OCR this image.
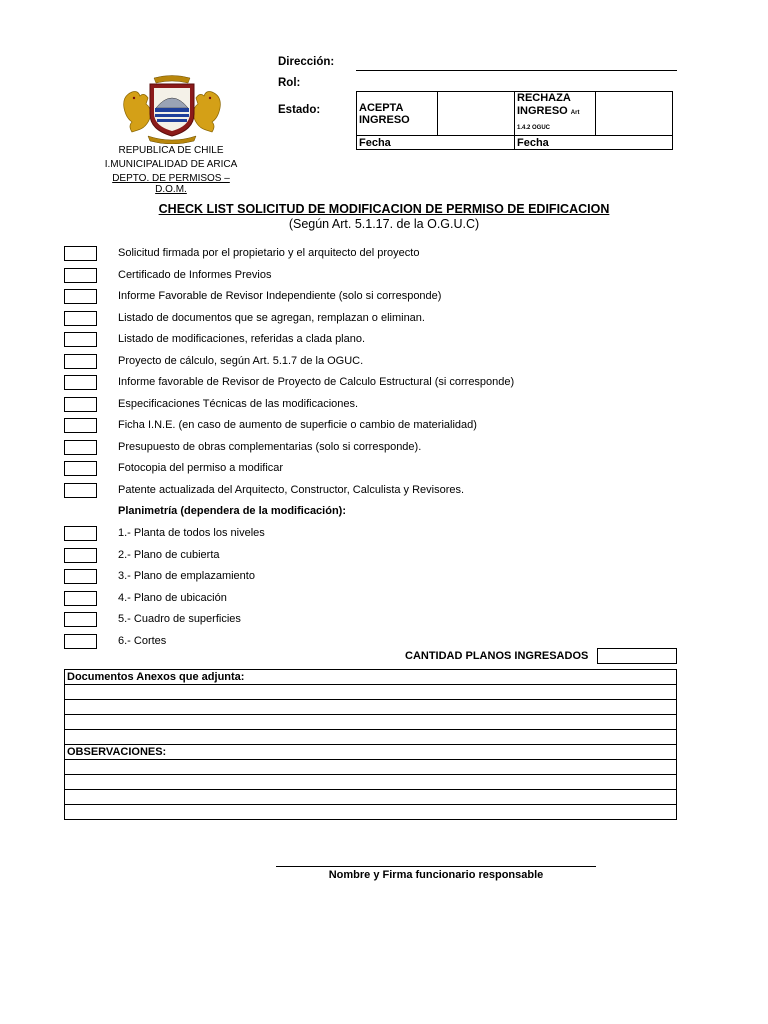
Dirección:
Rol:
Estado:	ACEPTA INGRESO		RECHAZA INGRESO Art
1.4.2 OGUC	
Fecha		Fecha	
REPUBLICA DE CHILE
I.MUNICIPALIDAD DE ARICA
DEPTO. DE PERMISOS – D.O.M.
CHECK LIST SOLICITUD DE MODIFICACION DE PERMISO DE EDIFICACION
(Según Art. 5.1.17. de la O.G.U.C)
Solicitud firmada por el propietario y el arquitecto del proyecto
Certificado de Informes Previos
Informe Favorable de Revisor Independiente (solo si corresponde)
Listado de documentos que se agregan, remplazan o eliminan.
Listado de modificaciones, referidas a clada plano.
Proyecto de cálculo, según Art. 5.1.7 de la OGUC.
Informe favorable de Revisor de Proyecto de Calculo Estructural (si corresponde)
Especificaciones Técnicas de las modificaciones.
Ficha I.N.E. (en caso de aumento de superficie o cambio de materialidad)
Presupuesto de obras complementarias (solo si corresponde).
Fotocopia del permiso a modificar
Patente actualizada del Arquitecto, Constructor, Calculista y Revisores.
Planimetría (dependera de la modificación):
1.- Planta de todos los niveles
2.- Plano de cubierta
3.- Plano de emplazamiento
4.- Plano de ubicación
5.- Cuadro de superficies
6.- Cortes
CANTIDAD PLANOS INGRESADOS
Documentos Anexos que adjunta:

OBSERVACIONES:

Nombre y Firma funcionario responsable
